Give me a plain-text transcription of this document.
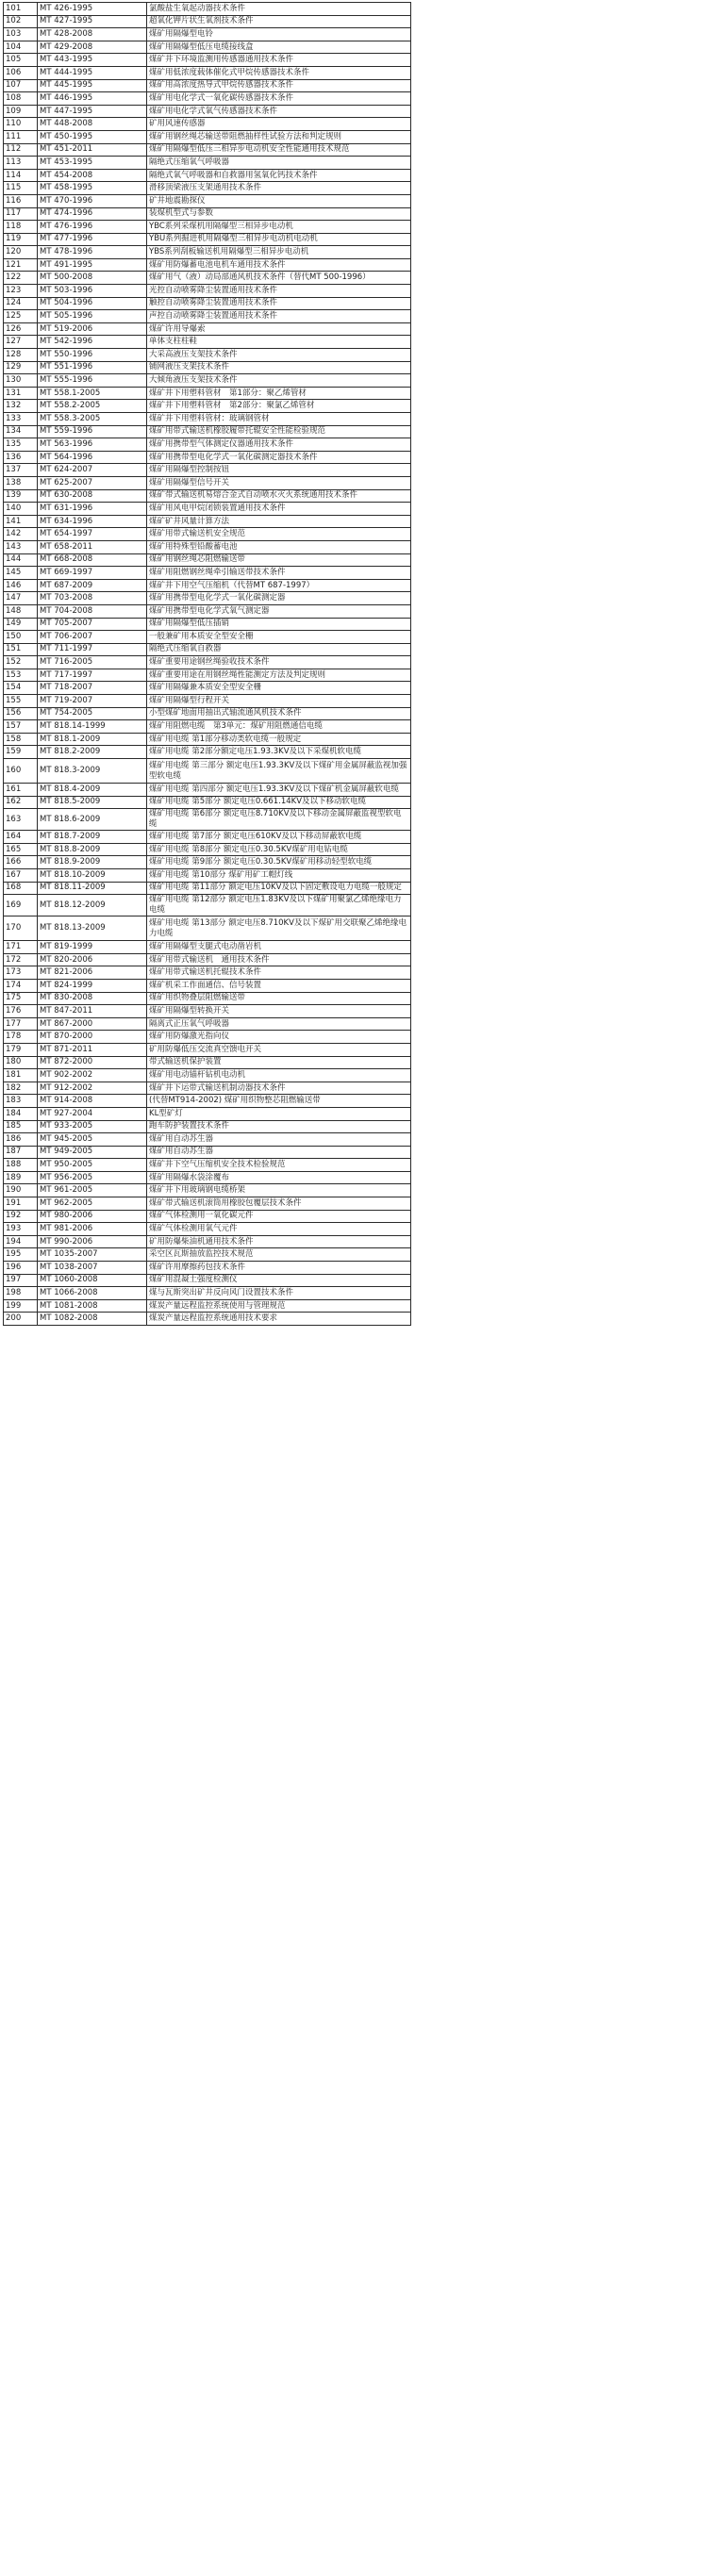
101	MT 426-1995	氯酸盐生氧起动器技术条件
102	MT 427-1995	超氧化钾片状生氧剂技术条件
103	MT 428-2008	煤矿用隔爆型电铃
104	MT 429-2008	煤矿用隔爆型低压电缆接线盒
105	MT 443-1995	煤矿井下环境监测用传感器通用技术条件
106	MT 444-1995	煤矿用低浓度载体催化式甲烷传感器技术条件
107	MT 445-1995	煤矿用高浓度热导式甲烷传感器技术条件
108	MT 446-1995	煤矿用电化学式一氧化碳传感器技术条件
109	MT 447-1995	煤矿用电化学式氧气传感器技术条件
110	MT 448-2008	矿用风速传感器
111	MT 450-1995	煤矿用钢丝绳芯输送带阻燃抽样性试验方法和判定规则
112	MT 451-2011	煤矿用隔爆型低压三相异步电动机安全性能通用技术规范
113	MT 453-1995	隔绝式压缩氧气呼吸器
114	MT 454-2008	隔绝式氧气呼吸器和自救器用氢氧化钙技术条件
115	MT 458-1995	滑移顶梁液压支架通用技术条件
116	MT 470-1996	矿井地震勘探仪
117	MT 474-1996	装煤机型式与参数
118	MT 476-1996	YBC系列采煤机用隔爆型三相异步电动机
119	MT 477-1996	YBU系列掘进机用隔爆型三相异步电动机电动机
120	MT 478-1996	YBS系列刮板输送机用隔爆型三相异步电动机
121	MT 491-1995	煤矿用防爆蓄电池电机车通用技术条件
122	MT 500-2008	煤矿用气（液）动局部通风机技术条件（替代MT 500-1996）
123	MT 503-1996	光控自动喷雾降尘装置通用技术条件
124	MT 504-1996	触控自动喷雾降尘装置通用技术条件
125	MT 505-1996	声控自动喷雾降尘装置通用技术条件
126	MT 519-2006	煤矿许用导爆索
127	MT 542-1996	单体支柱柱鞋
128	MT 550-1996	大采高液压支架技术条件
129	MT 551-1996	铺网液压支架技术条件
130	MT 555-1996	大倾角液压支架技术条件
131	MT 558.1-2005	煤矿井下用塑料管材　第1部分：聚乙烯管材
132	MT 558.2-2005	煤矿井下用塑料管材　第2部分：聚氯乙烯管材
133	MT 558.3-2005	煤矿井下用塑料管材：玻璃钢管材
134	MT 559-1996	煤矿用带式输送机橡胶履带托辊安全性能检验规范
135	MT 563-1996	煤矿用携带型气体测定仪器通用技术条件
136	MT 564-1996	煤矿用携带型电化学式一氧化碳测定器技术条件
137	MT 624-2007	煤矿用隔爆型控制按钮
138	MT 625-2007	煤矿用隔爆型信号开关
139	MT 630-2008	煤矿带式输送机易熔合金式自动喷水灭火系统通用技术条件
140	MT 631-1996	煤矿用风电甲烷闭锁装置通用技术条件
141	MT 634-1996	煤矿矿井风量计算方法
142	MT 654-1997	煤矿用带式输送机安全规范
143	MT 658-2011	煤矿用特殊型铅酸蓄电池
144	MT 668-2008	煤矿用钢丝绳芯阻燃输送带
145	MT 669-1997	煤矿用阻燃钢丝绳牵引输送带技术条件
146	MT 687-2009	煤矿井下用空气压缩机（代替MT 687-1997）
147	MT 703-2008	煤矿用携带型电化学式一氧化碳测定器
148	MT 704-2008	煤矿用携带型电化学式氧气测定器
149	MT 705-2007	煤矿用隔爆型低压插销
150	MT 706-2007	一般兼矿用本质安全型安全栅
151	MT 711-1997	隔绝式压缩氧自救器
152	MT 716-2005	煤矿重要用途钢丝绳验收技术条件
153	MT 717-1997	煤矿重要用途在用钢丝绳性能测定方法及判定规则
154	MT 718-2007	煤矿用隔爆兼本质安全型安全栅
155	MT 719-2007	煤矿用隔爆型行程开关
156	MT 754-2005	小型煤矿地面用抽出式轴流通风机技术条件
157	MT 818.14-1999	煤矿用阻燃电缆　第3单元：煤矿用阻燃通信电缆
158	MT 818.1-2009	煤矿用电缆 第1部分移动类软电缆一般规定
159	MT 818.2-2009	煤矿用电缆 第2部分额定电压1.93.3KV及以下采煤机软电缆
160	MT 818.3-2009	煤矿用电缆 第三部分 额定电压1.93.3KV及以下煤矿用金属屏蔽监视加强型软电缆
161	MT 818.4-2009	煤矿用电缆 第四部分 额定电压1.93.3KV及以下煤矿机金属屏蔽软电缆
162	MT 818.5-2009	煤矿用电缆 第5部分 额定电压0.661.14KV及以下移动软电缆
163	MT 818.6-2009	煤矿用电缆 第6部分 额定电压8.710KV及以下移动金属屏蔽监视型软电缆
164	MT 818.7-2009	煤矿用电缆 第7部分 额定电压610KV及以下移动屏蔽软电缆
165	MT 818.8-2009	煤矿用电缆 第8部分 额定电压0.30.5KV煤矿用电钻电缆
166	MT 818.9-2009	煤矿用电缆 第9部分 额定电压0.30.5KV煤矿用移动轻型软电缆
167	MT 818.10-2009	煤矿用电缆 第10部分 煤矿用矿工帽灯线
168	MT 818.11-2009	煤矿用电缆 第11部分 额定电压10KV及以下固定敷设电力电缆一般规定
169	MT 818.12-2009	煤矿用电缆 第12部分 额定电压1.83KV及以下煤矿用聚氯乙烯绝缘电力电缆
170	MT 818.13-2009	煤矿用电缆 第13部分 额定电压8.710KV及以下煤矿用交联聚乙烯绝缘电力电缆
171	MT 819-1999	煤矿用隔爆型支腿式电动凿岩机
172	MT 820-2006	煤矿用带式输送机　通用技术条件
173	MT 821-2006	煤矿用带式输送机托辊技术条件
174	MT 824-1999	煤矿机采工作面通信、信号装置
175	MT 830-2008	煤矿用织物叠层阻燃输送带
176	MT 847-2011	煤矿用隔爆型转换开关
177	MT 867-2000	隔离式正压氧气呼吸器
178	MT 870-2000	煤矿用防爆激光指向仪
179	MT 871-2011	矿用防爆低压交流真空馈电开关
180	MT 872-2000	带式输送机保护装置
181	MT 902-2002	煤矿用电动锚杆钻机电动机
182	MT 912-2002	煤矿井下运带式输送机制动器技术条件
183	MT 914-2008	(代替MT914-2002) 煤矿用织物整芯阻燃输送带
184	MT 927-2004	KL型矿灯
185	MT 933-2005	跑车防护装置技术条件
186	MT 945-2005	煤矿用自动苏生器
187	MT 949-2005	煤矿用自动苏生器
188	MT 950-2005	煤矿井下空气压缩机安全技术检验规范
189	MT 956-2005	煤矿用隔爆水袋涂覆布
190	MT 961-2005	煤矿井下用玻璃钢电缆桥架
191	MT 962-2005	煤矿带式输送机滚筒用橡胶包覆层技术条件
192	MT 980-2006	煤矿气体检测用一氧化碳元件
193	MT 981-2006	煤矿气体检测用氧气元件
194	MT 990-2006	矿用防爆柴油机通用技术条件
195	MT 1035-2007	采空区瓦斯抽放监控技术规范
196	MT 1038-2007	煤矿许用摩擦药包技术条件
197	MT 1060-2008	煤矿用混凝土强度检测仪
198	MT 1066-2008	煤与瓦斯突出矿井反向风门设置技术条件
199	MT 1081-2008	煤炭产量远程监控系统使用与管理规范
200	MT 1082-2008	煤炭产量远程监控系统通用技术要求
